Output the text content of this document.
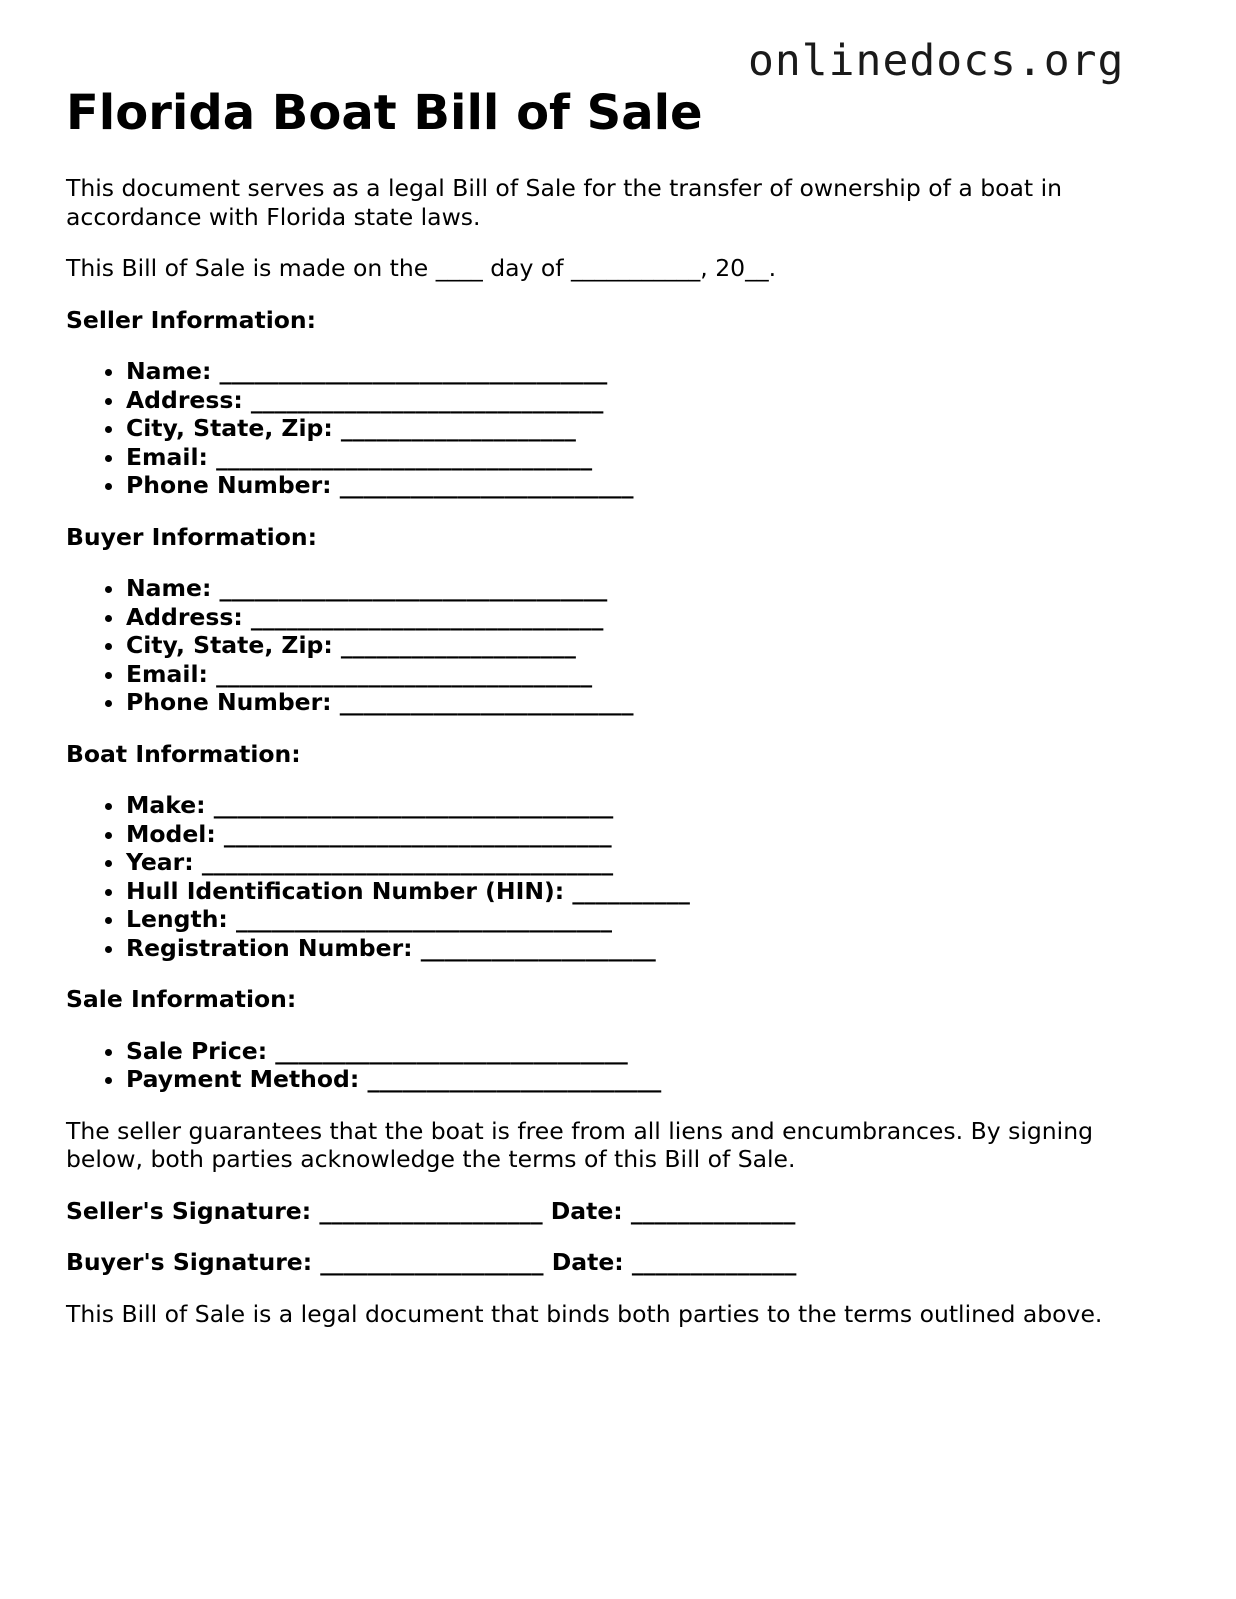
onlinedocs.org
Florida Boat Bill of Sale

This document serves as a legal Bill of Sale for the transfer of ownership of a boat in accordance with Florida state laws.

This Bill of Sale is made on the ____ day of ___________, 20__.

Seller Information:
• Name: _________________________________
• Address: ______________________________
• City, State, Zip: ____________________
• Email: ________________________________
• Phone Number: _________________________
Buyer Information:
• Name: _________________________________
• Address: ______________________________
• City, State, Zip: ____________________
• Email: ________________________________
• Phone Number: _________________________
Boat Information:
• Make: __________________________________
• Model: _________________________________
• Year: ___________________________________
• Hull Identification Number (HIN): __________
• Length: ________________________________
• Registration Number: ____________________
Sale Information:
• Sale Price: ______________________________
• Payment Method: _________________________

The seller guarantees that the boat is free from all liens and encumbrances. By signing below, both parties acknowledge the terms of this Bill of Sale.

Seller's Signature: ___________________ Date: ______________

Buyer's Signature: ___________________ Date: ______________

This Bill of Sale is a legal document that binds both parties to the terms outlined above.
